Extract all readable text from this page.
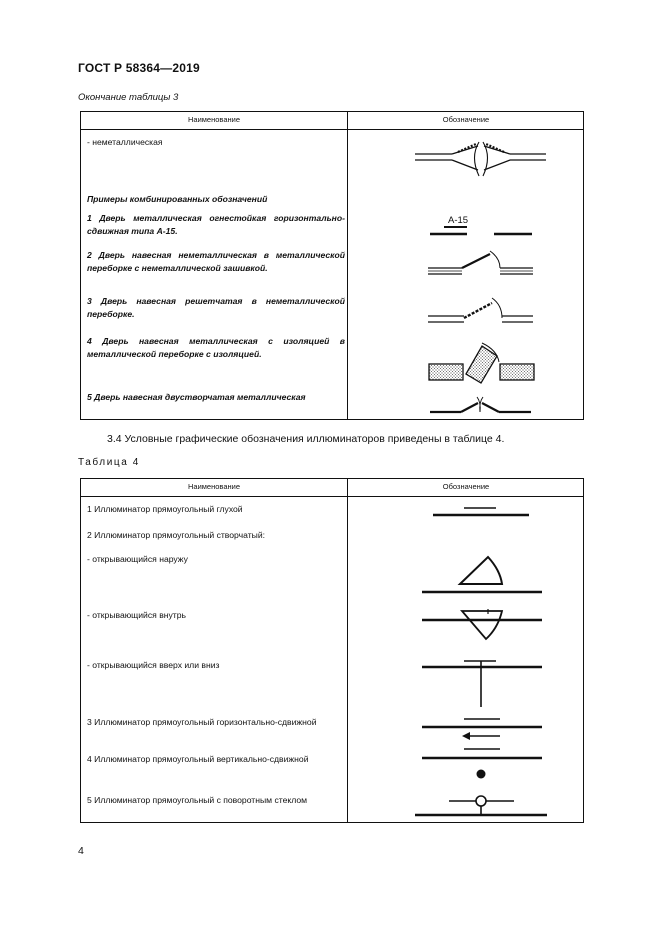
ГОСТ Р 58364—2019
Окончание таблицы 3
Наименование	Обозначение
- неметаллическая
Примеры комбинированных обозначений
1 Дверь металлическая огнестойкая горизонтально-сдвижная типа А-15.
2 Дверь навесная неметаллическая в металлической переборке с неметаллической зашивкой.
3 Дверь навесная решетчатая в неметаллической переборке.
4 Дверь навесная металлическая с изоляцией в металлической переборке с изоляцией.
5 Дверь навесная двустворчатая металлическая
А-15
3.4 Условные графические обозначения иллюминаторов приведены в таблице 4.
Таблица 4
Наименование	Обозначение
1 Иллюминатор прямоугольный глухой
2 Иллюминатор прямоугольный створчатый:
- открывающийся наружу
- открывающийся внутрь
- открывающийся вверх или вниз
3 Иллюминатор прямоугольный горизонтально-сдвижной
4 Иллюминатор прямоугольный вертикально-сдвижной
5 Иллюминатор прямоугольный с поворотным стеклом
4
